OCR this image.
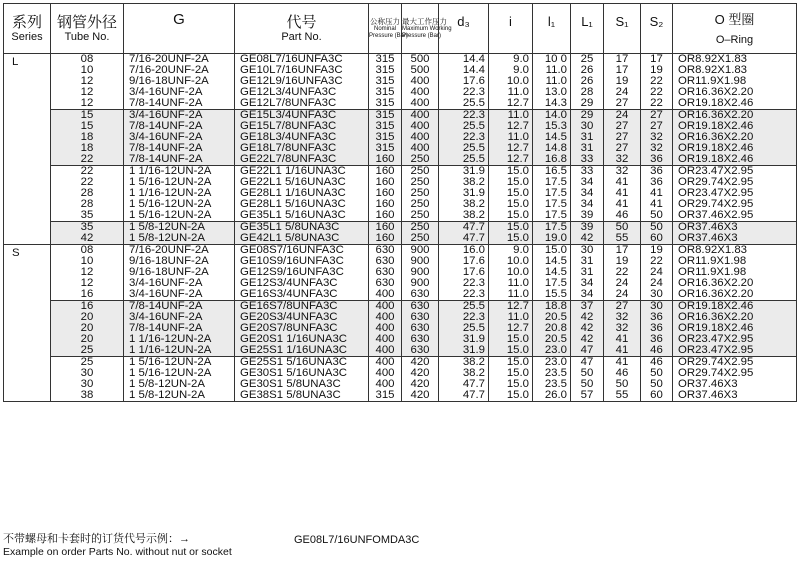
系列
Series	钢管外径
Tube No.	G	代号
Part No.	公称压力
Nominal
Pressure (Bar)	最大工作压力
Maximum Working
Pressure (Bar)	d₃	i	l₁	L₁	S₁	S₂	O 型圈
O–Ring

L	08	7/16-20UNF-2A	GE08L7/16UNFA3C	315	500	14.4	9.0	10 0	25	17	17	OR8.92X1.83
	10	7/16-20UNF-2A	GE10L7/16UNFA3C	315	500	14.4	9.0	11.0	26	17	19	OR8.92X1.83
	12	9/16-18UNF-2A	GE12L9/16UNFA3C	315	400	17.6	10.0	11.0	26	19	22	OR11.9X1.98
	12	3/4-16UNF-2A	GE12L3/4UNFA3C	315	400	22.3	11.0	13.0	28	24	22	OR16.36X2.20
	12	7/8-14UNF-2A	GE12L7/8UNFA3C	315	400	25.5	12.7	14.3	29	27	22	OR19.18X2.46
	15	3/4-16UNF-2A	GE15L3/4UNFA3C	315	400	22.3	11.0	14.0	29	24	27	OR16.36X2.20
	15	7/8-14UNF-2A	GE15L7/8UNFA3C	315	400	25.5	12.7	15.3	30	27	27	OR19.18X2.46
	18	3/4-16UNF-2A	GE18L3/4UNFA3C	315	400	22.3	11.0	14.5	31	27	32	OR16.36X2.20
	18	7/8-14UNF-2A	GE18L7/8UNFA3C	315	400	25.5	12.7	14.8	31	27	32	OR19.18X2.46
	22	7/8-14UNF-2A	GE22L7/8UNFA3C	160	250	25.5	12.7	16.8	33	32	36	OR19.18X2.46
	22	1 1/16-12UN-2A	GE22L1 1/16UNA3C	160	250	31.9	15.0	16.5	33	32	36	OR23.47X2.95
	22	1 5/16-12UN-2A	GE22L1 5/16UNA3C	160	250	38.2	15.0	17.5	34	41	36	OR29.74X2.95
	28	1 1/16-12UN-2A	GE28L1 1/16UNA3C	160	250	31.9	15.0	17.5	34	41	41	OR23.47X2.95
	28	1 5/16-12UN-2A	GE28L1 5/16UNA3C	160	250	38.2	15.0	17.5	34	41	41	OR29.74X2.95
	35	1 5/16-12UN-2A	GE35L1 5/16UNA3C	160	250	38.2	15.0	17.5	39	46	50	OR37.46X2.95
	35	1 5/8-12UN-2A	GE35L1 5/8UNA3C	160	250	47.7	15.0	17.5	39	50	50	OR37.46X3
	42	1 5/8-12UN-2A	GE42L1 5/8UNA3C	160	250	47.7	15.0	19.0	42	55	60	OR37.46X3
S	08	7/16-20UNF-2A	GE08S7/16UNFA3C	630	900	16.0	9.0	15.0	30	17	19	OR8.92X1.83
	10	9/16-18UNF-2A	GE10S9/16UNFA3C	630	900	17.6	10.0	14.5	31	19	22	OR11.9X1.98
	12	9/16-18UNF-2A	GE12S9/16UNFA3C	630	900	17.6	10.0	14.5	31	22	24	OR11.9X1.98
	12	3/4-16UNF-2A	GE12S3/4UNFA3C	630	900	22.3	11.0	17.5	34	24	24	OR16.36X2.20
	16	3/4-16UNF-2A	GE16S3/4UNFA3C	400	630	22.3	11.0	15.5	34	24	30	OR16.36X2.20
	16	7/8-14UNF-2A	GE16S7/8UNFA3C	400	630	25.5	12.7	18.8	37	27	30	OR19.18X2.46
	20	3/4-16UNF-2A	GE20S3/4UNFA3C	400	630	22.3	11.0	20.5	42	32	36	OR16.36X2.20
	20	7/8-14UNF-2A	GE20S7/8UNFA3C	400	630	25.5	12.7	20.8	42	32	36	OR19.18X2.46
	20	1 1/16-12UN-2A	GE20S1 1/16UNA3C	400	630	31.9	15.0	20.5	42	41	36	OR23.47X2.95
	25	1 1/16-12UN-2A	GE25S1 1/16UNA3C	400	630	31.9	15.0	23.0	47	41	46	OR23.47X2.95
	25	1 5/16-12UN-2A	GE25S1 5/16UNA3C	400	420	38.2	15.0	23.0	47	41	46	OR29.74X2.95
	30	1 5/16-12UN-2A	GE30S1 5/16UNA3C	400	420	38.2	15.0	23.5	50	46	50	OR29.74X2.95
	30	1 5/8-12UN-2A	GE30S1 5/8UNA3C	400	420	47.7	15.0	23.5	50	50	50	OR37.46X3
	38	1 5/8-12UN-2A	GE38S1 5/8UNA3C	315	420	47.7	15.0	26.0	57	55	60	OR37.46X3
不带螺母和卡套时的订货代号示例：→
Example on order Parts No. without nut or socket
GE08L7/16UNFOMDA3C
